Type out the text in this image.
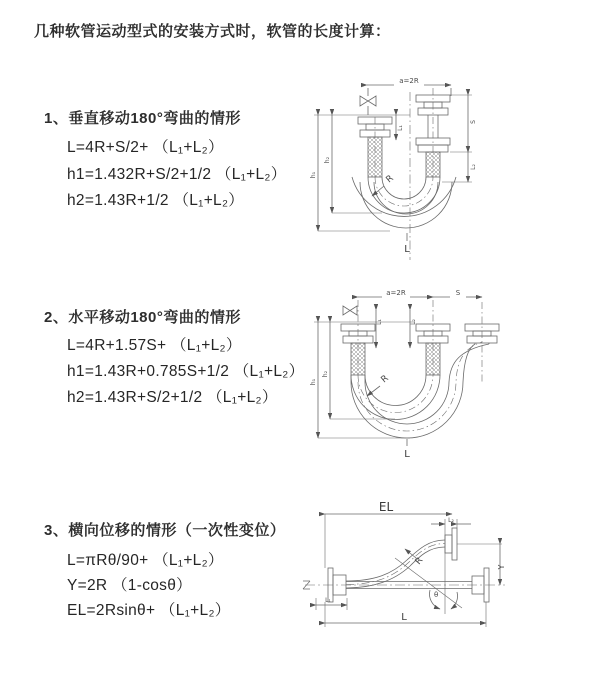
几种软管运动型式的安装方式时，软管的长度计算：
1、垂直移动180°弯曲的情形
L=4R+S/2+ （L₁+L₂）
h1=1.432R+S/2+1/2 （L₁+L₂）
h2=1.43R+1/2 （L₁+L₂）
2、水平移动180°弯曲的情形
L=4R+1.57S+ （L₁+L₂）
h1=1.43R+0.785S+1/2 （L₁+L₂）
h2=1.43R+S/2+1/2 （L₁+L₂）
3、横向位移的情形（一次性变位）
L=πRθ/90+ （L₁+L₂）
Y=2R （1-cosθ）
EL=2Rsinθ+ （L₁+L₂）
a=2R
h₁
h₂
L₁
S
L₂
R
L
a=2R	S
h₁
h₂
L₁	L₂
R
L
EL
L₂
Y
R
θ
L
L₁
